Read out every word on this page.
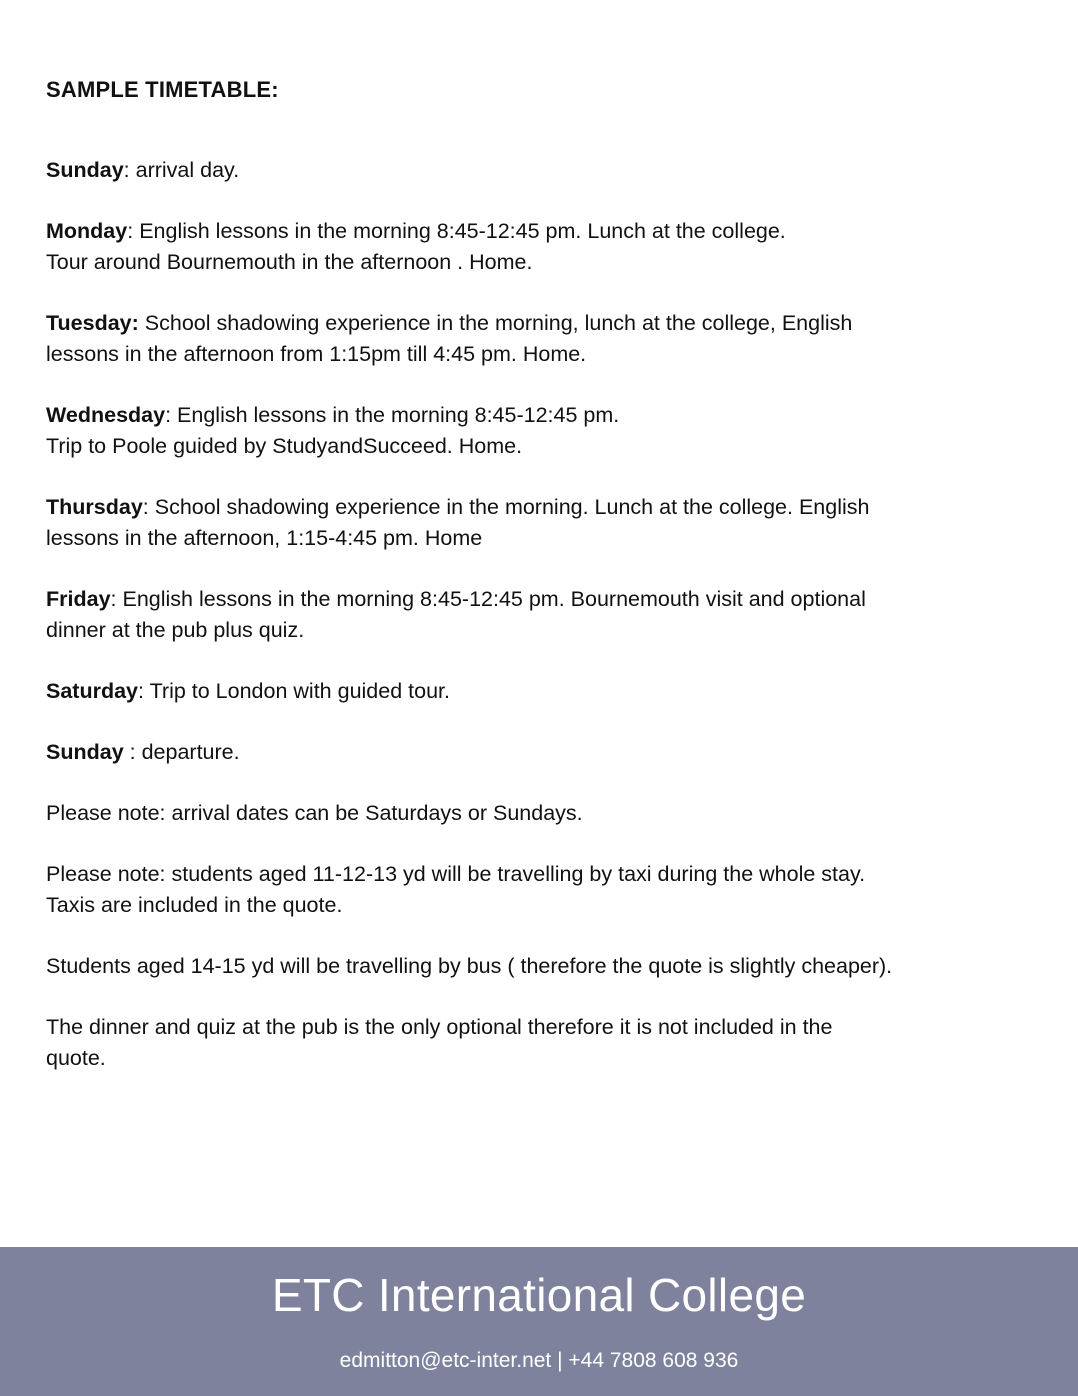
SAMPLE TIMETABLE:
Sunday: arrival day.
Monday: English lessons in the morning 8:45-12:45 pm. Lunch at the college.
Tour around Bournemouth in the afternoon . Home.
Tuesday: School shadowing experience in the morning, lunch at the college, English
lessons in the afternoon from 1:15pm till 4:45 pm. Home.
Wednesday: English lessons in the morning 8:45-12:45 pm.
Trip to Poole guided by StudyandSucceed. Home.
Thursday: School shadowing experience in the morning. Lunch at the college. English
lessons in the afternoon, 1:15-4:45 pm. Home
Friday: English lessons in the morning 8:45-12:45 pm. Bournemouth visit and optional
dinner at the pub plus quiz.
Saturday: Trip to London with guided tour.
Sunday : departure.
Please note: arrival dates can be Saturdays or Sundays.
Please note: students aged 11-12-13 yd will be travelling by taxi during the whole stay.
Taxis are included in the quote.
Students aged 14-15 yd will be travelling by bus ( therefore the quote is slightly cheaper).
The dinner and quiz at the pub is the only optional therefore it is not included in the
quote.
ETC International College
edmitton@etc-inter.net | +44 7808 608 936
